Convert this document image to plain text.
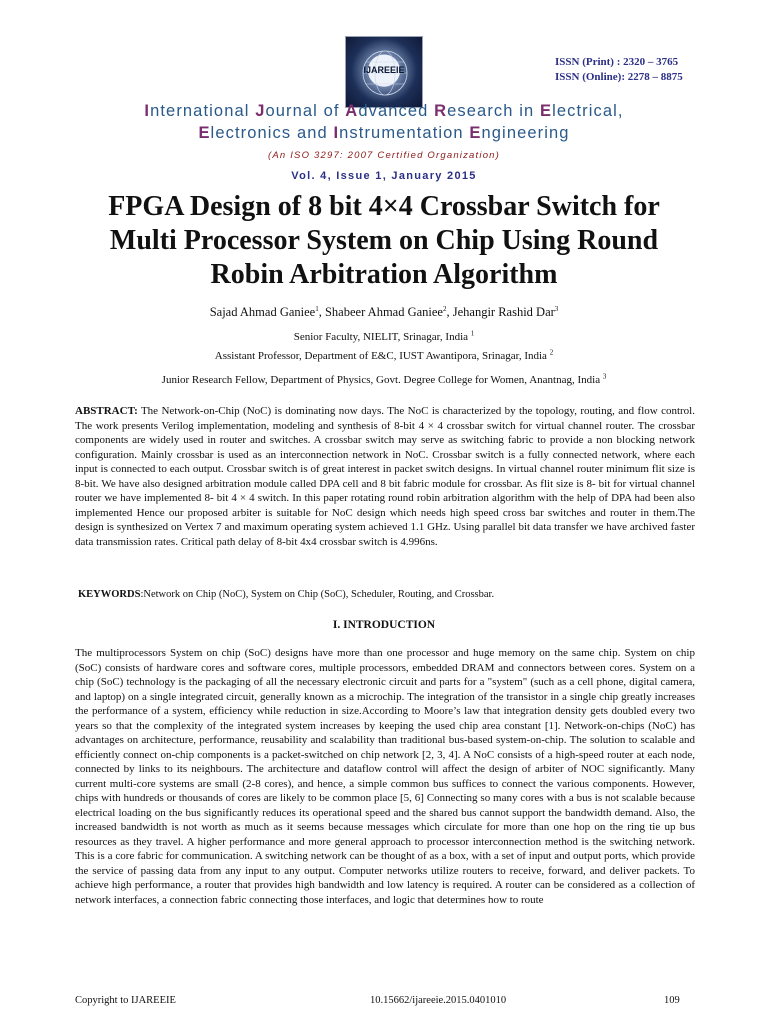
IJAREEIE
ISSN (Print) : 2320 – 3765
ISSN (Online): 2278 – 8875
International Journal of Advanced Research in Electrical,
Electronics and Instrumentation Engineering
(An ISO 3297: 2007 Certified Organization)
Vol. 4, Issue 1, January 2015
FPGA Design of 8 bit 4×4 Crossbar Switch for
Multi Processor System on Chip Using Round
Robin Arbitration Algorithm
Sajad Ahmad Ganiee$^1$, Shabeer Ahmad Ganiee$^2$, Jehangir Rashid Dar$^3$
Senior Faculty, NIELIT, Srinagar, India $^1$
Assistant Professor, Department of E&C, IUST Awantipora, Srinagar, India $^2$
Junior Research Fellow, Department of Physics, Govt. Degree College for Women, Anantnag, India $^3$
ABSTRACT: The Network-on-Chip (NoC) is dominating now days. The NoC is characterized by the topology, routing, and flow control. The work presents Verilog implementation, modeling and synthesis of 8-bit 4 × 4 crossbar switch for virtual channel router. The crossbar components are widely used in router and switches. A crossbar switch may serve as switching fabric to provide a non blocking network configuration. Mainly crossbar is used as an interconnection network in NoC. Crossbar switch is a fully connected network, where each input is connected to each output. Crossbar switch is of great interest in packet switch designs. In virtual channel router minimum flit size is 8-bit. We have also designed arbitration module called DPA cell and 8 bit fabric module for crossbar. As flit size is 8- bit for virtual channel router we have implemented 8- bit 4 × 4 switch. In this paper rotating round robin arbitration algorithm with the help of DPA had been also implemented Hence our proposed arbiter is suitable for NoC design which needs high speed cross bar switches and router in them.The design is synthesized on Vertex 7 and maximum operating system achieved 1.1 GHz. Using parallel bit data transfer we have archived faster data transmission rates. Critical path delay of 8-bit 4x4 crossbar switch is 4.996ns.
KEYWORDS:Network on Chip (NoC), System on Chip (SoC), Scheduler, Routing, and Crossbar.
I. INTRODUCTION
The multiprocessors System on chip (SoC) designs have more than one processor and huge memory on the same chip. System on chip (SoC) consists of hardware cores and software cores, multiple processors, embedded DRAM and connectors between cores. System on a chip (SoC) technology is the packaging of all the necessary electronic circuit and parts for a "system" (such as a cell phone, digital camera, and laptop) on a single integrated circuit, generally known as a microchip. The integration of the transistor in a single chip greatly increases the performance of a system, efficiency while reduction in size.According to Moore’s law that integration density gets doubled every two years so that the complexity of the integrated system increases by keeping the used chip area constant [1]. Network-on-chips (NoC) has advantages on architecture, performance, reusability and scalability than traditional bus-based system-on-chip. The solution to scalable and efficiently connect on-chip components is a packet-switched on chip network [2, 3, 4]. A NoC consists of a high-speed router at each node, connected by links to its neighbours. The architecture and dataflow control will affect the design of arbiter of NOC significantly. Many current multi-core systems are small (2-8 cores), and hence, a simple common bus suffices to connect the various components. However, chips with hundreds or thousands of cores are likely to be common place [5, 6] Connecting so many cores with a bus is not scalable because electrical loading on the bus significantly reduces its operational speed and the shared bus cannot support the bandwidth demand. Also, the increased bandwidth is not worth as much as it seems because messages which circulate for more than one hop on the ring tie up bus resources as they travel. A higher performance and more general approach to processor interconnection method is the switching network. This is a core fabric for communication. A switching network can be thought of as a box, with a set of input and output ports, which provide the service of passing data from any input to any output. Computer networks utilize routers to receive, forward, and deliver packets. To achieve high performance, a router that provides high bandwidth and low latency is required. A router can be considered as a collection of network interfaces, a connection fabric connecting those interfaces, and logic that determines how to route
Copyright to IJAREEIE	10.15662/ijareeie.2015.0401010	109
